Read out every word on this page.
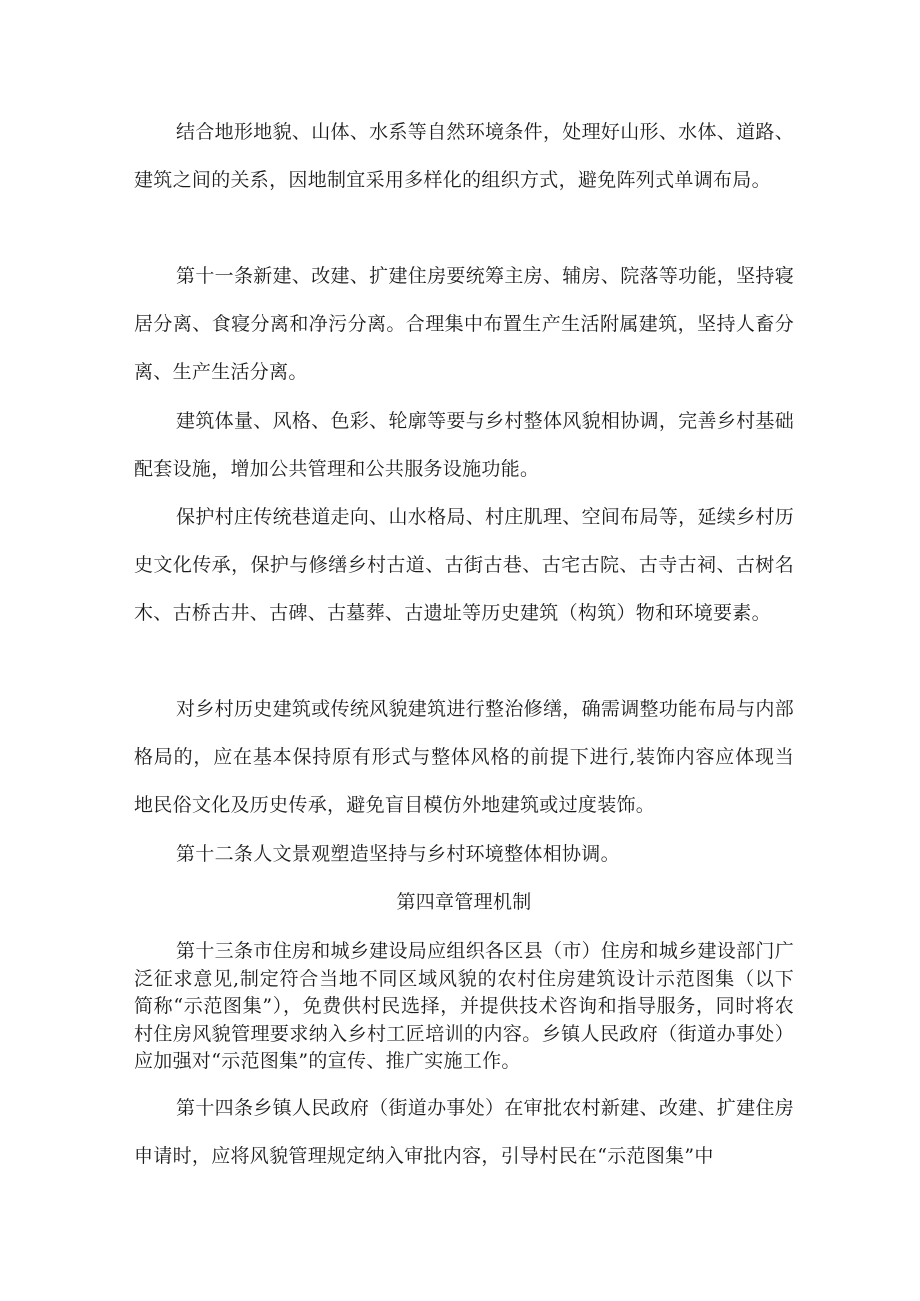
结合地形地貌、山体、水系等自然环境条件，处理好山形、水体、道路、建筑之间的关系，因地制宜采用多样化的组织方式，避免阵列式单调布局。

第十一条新建、改建、扩建住房要统筹主房、辅房、院落等功能，坚持寝居分离、食寝分离和净污分离。合理集中布置生产生活附属建筑，坚持人畜分离、生产生活分离。

建筑体量、风格、色彩、轮廓等要与乡村整体风貌相协调，完善乡村基础配套设施，增加公共管理和公共服务设施功能。

保护村庄传统巷道走向、山水格局、村庄肌理、空间布局等，延续乡村历史文化传承，保护与修缮乡村古道、古街古巷、古宅古院、古寺古祠、古树名木、古桥古井、古碑、古墓葬、古遗址等历史建筑（构筑）物和环境要素。

对乡村历史建筑或传统风貌建筑进行整治修缮，确需调整功能布局与内部格局的，应在基本保持原有形式与整体风格的前提下进行,装饰内容应体现当地民俗文化及历史传承，避免盲目模仿外地建筑或过度装饰。

第十二条人文景观塑造坚持与乡村环境整体相协调。

第四章管理机制

第十三条市住房和城乡建设局应组织各区县（市）住房和城乡建设部门广泛征求意见,制定符合当地不同区域风貌的农村住房建筑设计示范图集（以下简称“示范图集”），免费供村民选择，并提供技术咨询和指导服务，同时将农村住房风貌管理要求纳入乡村工匠培训的内容。乡镇人民政府（街道办事处）应加强对“示范图集”的宣传、推广实施工作。

第十四条乡镇人民政府（街道办事处）在审批农村新建、改建、扩建住房申请时，应将风貌管理规定纳入审批内容，引导村民在“示范图集”中
